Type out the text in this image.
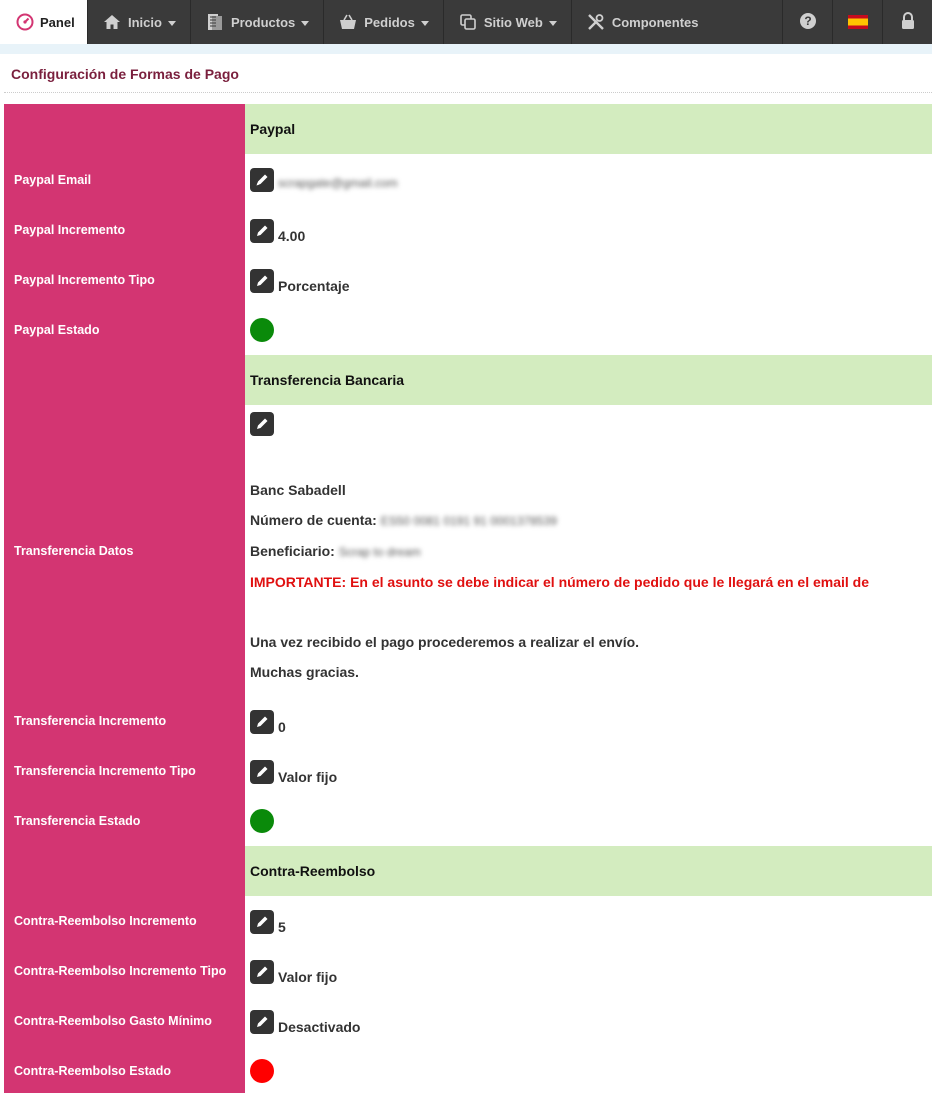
Panel	Inicio	Productos	Pedidos	Sitio Web	Componentes	?
Configuración de Formas de Pago
Paypal
Paypal Email	scrapgate@gmail.com
Paypal Incremento	4.00
Paypal Incremento Tipo	Porcentaje
Paypal Estado
Transferencia Bancaria
Transferencia Datos
Banc Sabadell
Número de cuenta: ES50 0081 0191 91 0001378539
Beneficiario: Scrap to dream
IMPORTANTE: En el asunto se debe indicar el número de pedido que le llegará en el email de
Una vez recibido el pago procederemos a realizar el envío.
Muchas gracias.
Transferencia Incremento	0
Transferencia Incremento Tipo	Valor fijo
Transferencia Estado
Contra-Reembolso
Contra-Reembolso Incremento	5
Contra-Reembolso Incremento Tipo	Valor fijo
Contra-Reembolso Gasto Mínimo	Desactivado
Contra-Reembolso Estado
